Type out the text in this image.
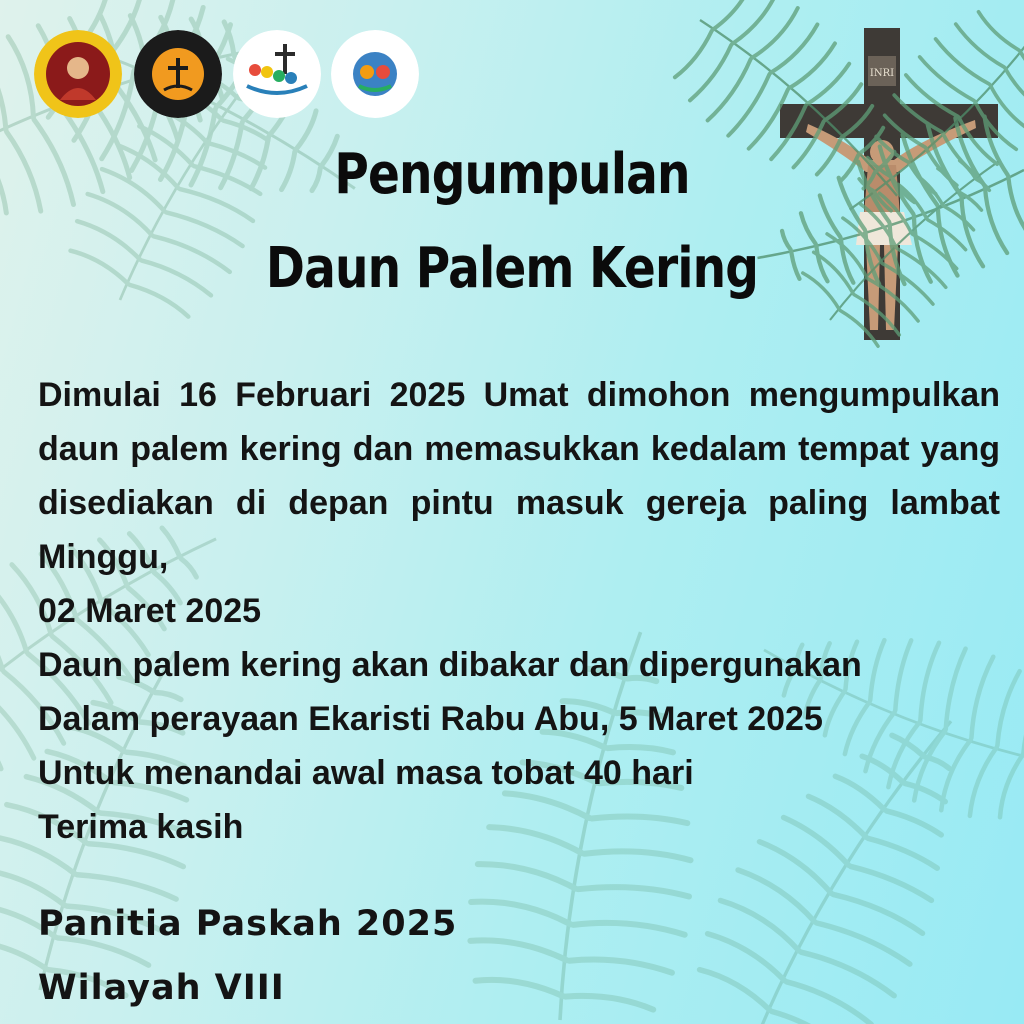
INRI
Pengumpulan
Daun Palem Kering
Dimulai 16 Februari 2025 Umat dimohon mengumpulkan daun palem kering dan memasukkan kedalam tempat yang disediakan di depan pintu masuk gereja paling lambat Minggu,
02 Maret 2025
Daun palem kering akan dibakar dan dipergunakan
Dalam perayaan Ekaristi Rabu Abu, 5 Maret 2025
Untuk menandai awal masa tobat 40 hari
Terima kasih
Panitia Paskah 2025
Wilayah VIII
